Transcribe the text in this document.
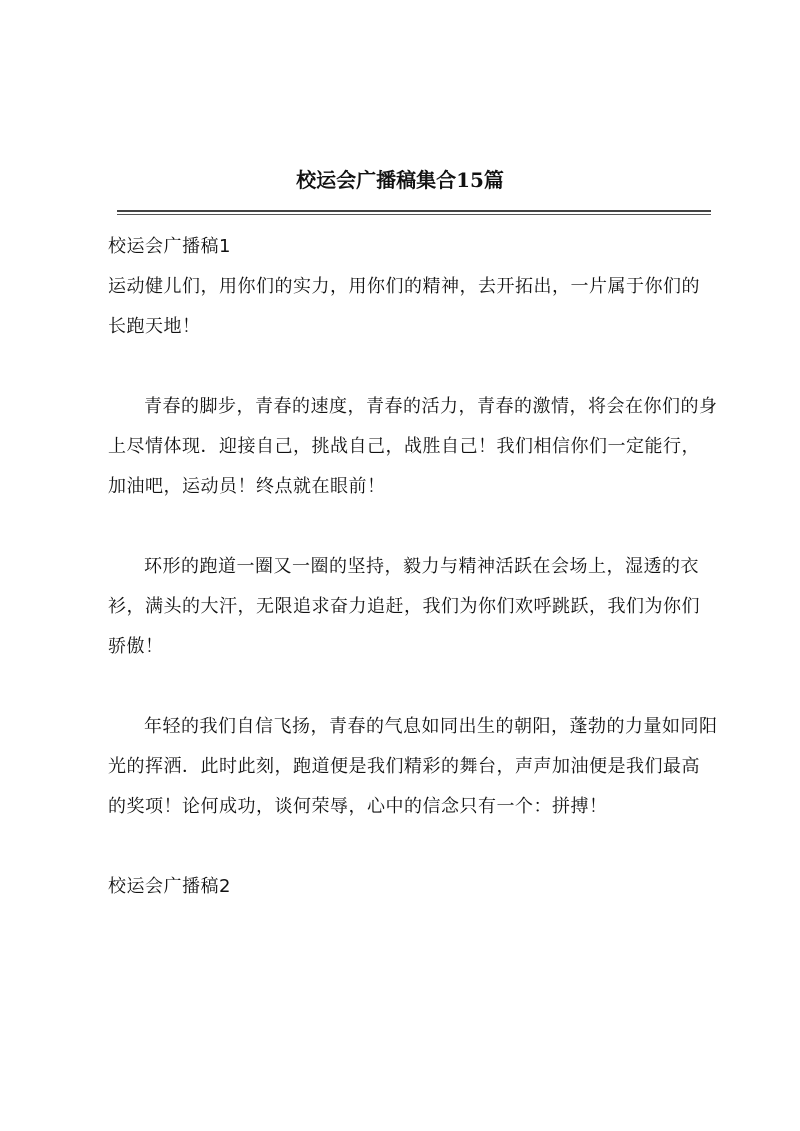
校运会广播稿集合15篇

校运会广播稿1

运动健儿们，用你们的实力，用你们的精神，去开拓出，一片属于你们的长跑天地！

青春的脚步，青春的速度，青春的活力，青春的激情，将会在你们的身上尽情体现．迎接自己，挑战自己，战胜自己！我们相信你们一定能行，加油吧，运动员！终点就在眼前！

环形的跑道一圈又一圈的坚持，毅力与精神活跃在会场上，湿透的衣衫，满头的大汗，无限追求奋力追赶，我们为你们欢呼跳跃，我们为你们骄傲！

年轻的我们自信飞扬，青春的气息如同出生的朝阳，蓬勃的力量如同阳光的挥洒．此时此刻，跑道便是我们精彩的舞台，声声加油便是我们最高的奖项！论何成功，谈何荣辱，心中的信念只有一个：拼搏！

校运会广播稿2
